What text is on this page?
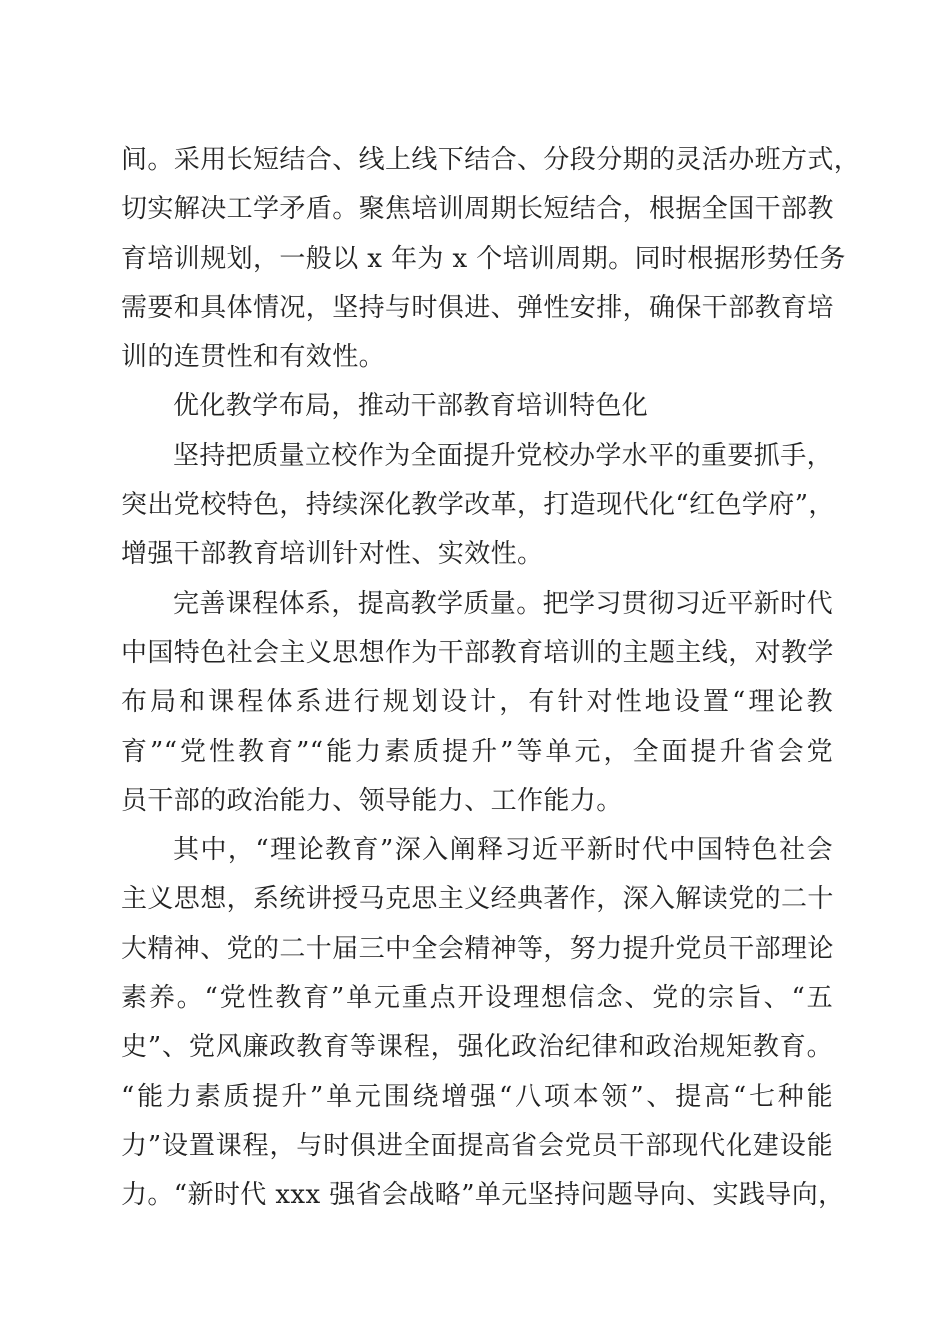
间。采用长短结合、线上线下结合、分段分期的灵活办班方式，
切实解决工学矛盾。聚焦培训周期长短结合，根据全国干部教
育培训规划，一般以 x 年为 x 个培训周期。同时根据形势任务
需要和具体情况，坚持与时俱进、弹性安排，确保干部教育培
训的连贯性和有效性。
优化教学布局，推动干部教育培训特色化
坚持把质量立校作为全面提升党校办学水平的重要抓手，
突出党校特色，持续深化教学改革，打造现代化“红色学府”，
增强干部教育培训针对性、实效性。
完善课程体系，提高教学质量。把学习贯彻习近平新时代
中国特色社会主义思想作为干部教育培训的主题主线，对教学
布局和课程体系进行规划设计，有针对性地设置“理论教
育”“党性教育”“能力素质提升”等单元，全面提升省会党
员干部的政治能力、领导能力、工作能力。
其中，“理论教育”深入阐释习近平新时代中国特色社会
主义思想，系统讲授马克思主义经典著作，深入解读党的二十
大精神、党的二十届三中全会精神等，努力提升党员干部理论
素养。“党性教育”单元重点开设理想信念、党的宗旨、“五
史”、党风廉政教育等课程，强化政治纪律和政治规矩教育。
“能力素质提升”单元围绕增强“八项本领”、提高“七种能
力”设置课程，与时俱进全面提高省会党员干部现代化建设能
力。“新时代 xxx 强省会战略”单元坚持问题导向、实践导向，
